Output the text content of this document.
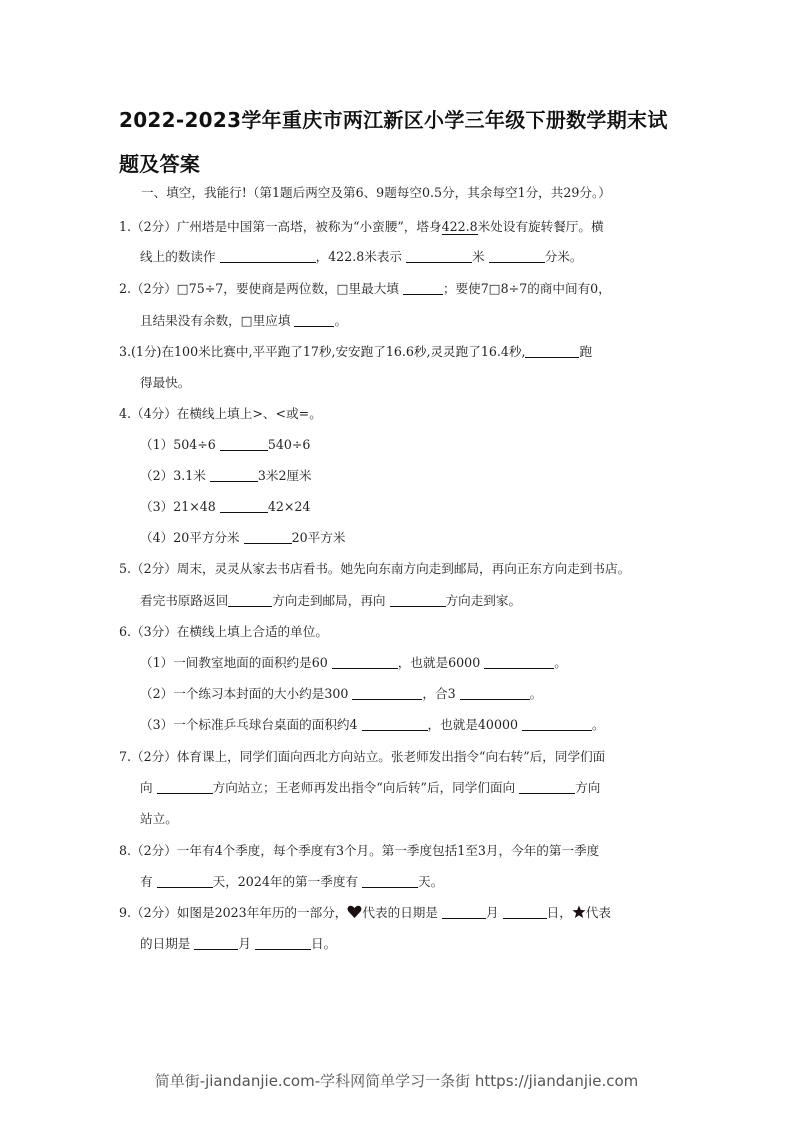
2022-2023学年重庆市两江新区小学三年级下册数学期末试
题及答案
一、填空，我能行!（第1题后两空及第6、9题每空0.5分，其余每空1分，共29分。）
1.（2分）广州塔是中国第一高塔，被称为“小蛮腰”，塔身422.8米处设有旋转餐厅。横
线上的数读作	，422.8米表示	米	分米。
2.（2分）□75÷7，要使商是两位数，□里最大填	；要使7□8÷7的商中间有0，
且结果没有余数，□里应填	。
3.(1分)在100米比赛中,平平跑了17秒,安安跑了16.6秒,灵灵跑了16.4秒,	跑
得最快。
4.（4分）在横线上填上>、<或=。
（1）504÷6	540÷6
（2）3.1米	3米2厘米
（3）21×48	42×24
（4）20平方分米	20平方米
5.（2分）周末，灵灵从家去书店看书。她先向东南方向走到邮局，再向正东方向走到书店。
看完书原路返回	方向走到邮局，再向	方向走到家。
6.（3分）在横线上填上合适的单位。
（1）一间教室地面的面积约是60	，也就是6000	。
（2）一个练习本封面的大小约是300	，合3	。
（3）一个标准乒乓球台桌面的面积约4	，也就是40000	。
7.（2分）体育课上，同学们面向西北方向站立。张老师发出指令“向右转”后，同学们面
向	方向站立；王老师再发出指令“向后转”后，同学们面向	方向
站立。
8.（2分）一年有4个季度，每个季度有3个月。第一季度包括1至3月，今年的第一季度
有	天，2024年的第一季度有	天。
9.（2分）如图是2023年年历的一部分， 代表的日期是	月	日， 代表
的日期是	月	日。
简单街-jiandanjie.com-学科网简单学习一条街 https://jiandanjie.com
